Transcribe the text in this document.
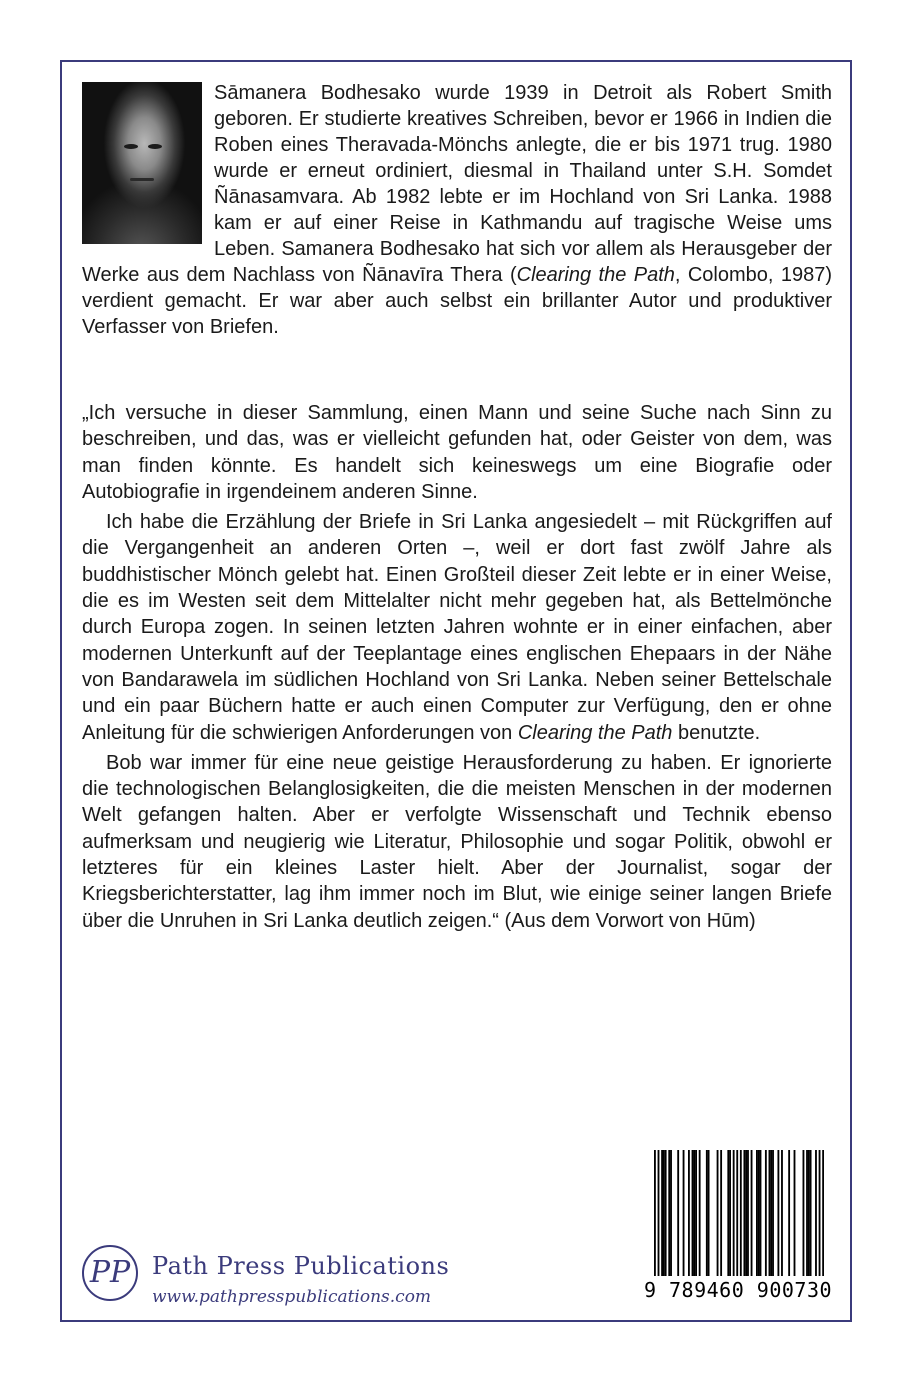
Sāmanera Bodhesako wurde 1939 in Detroit als Robert Smith geboren. Er studierte kreatives Schreiben, bevor er 1966 in Indien die Roben eines Theravada-Mönchs anlegte, die er bis 1971 trug. 1980 wurde er erneut ordiniert, diesmal in Thailand unter S.H. Somdet Ñānasamvara. Ab 1982 lebte er im Hochland von Sri Lanka. 1988 kam er auf einer Reise in Kathmandu auf tragische Weise ums Leben. Samanera Bodhesako hat sich vor allem als Herausgeber der Werke aus dem Nachlass von Ñānavīra Thera (Clearing the Path, Colombo, 1987) verdient gemacht. Er war aber auch selbst ein brillanter Autor und produktiver Verfasser von Briefen.

„Ich versuche in dieser Sammlung, einen Mann und seine Suche nach Sinn zu beschreiben, und das, was er vielleicht gefunden hat, oder Geister von dem, was man finden könnte. Es handelt sich keineswegs um eine Biografie oder Autobiografie in irgendeinem anderen Sinne.

Ich habe die Erzählung der Briefe in Sri Lanka angesiedelt – mit Rückgriffen auf die Vergangenheit an anderen Orten –, weil er dort fast zwölf Jahre als buddhistischer Mönch gelebt hat. Einen Großteil dieser Zeit lebte er in einer Weise, die es im Westen seit dem Mittelalter nicht mehr gegeben hat, als Bettelmönche durch Europa zogen. In seinen letzten Jahren wohnte er in einer einfachen, aber modernen Unterkunft auf der Teeplantage eines englischen Ehepaars in der Nähe von Bandarawela im südlichen Hochland von Sri Lanka. Neben seiner Bettelschale und ein paar Büchern hatte er auch einen Computer zur Verfügung, den er ohne Anleitung für die schwierigen Anforderungen von Clearing the Path benutzte.

Bob war immer für eine neue geistige Herausforderung zu haben. Er ignorierte die technologischen Belanglosigkeiten, die die meisten Menschen in der modernen Welt gefangen halten. Aber er verfolgte Wissenschaft und Technik ebenso aufmerksam und neugierig wie Literatur, Philosophie und sogar Politik, obwohl er letzteres für ein kleines Laster hielt. Aber der Journalist, sogar der Kriegsberichterstatter, lag ihm immer noch im Blut, wie einige seiner langen Briefe über die Unruhen in Sri Lanka deutlich zeigen.“ (Aus dem Vorwort von Hūm)

PP Path Press Publications
www.pathpresspublications.com	9 789460 900730
